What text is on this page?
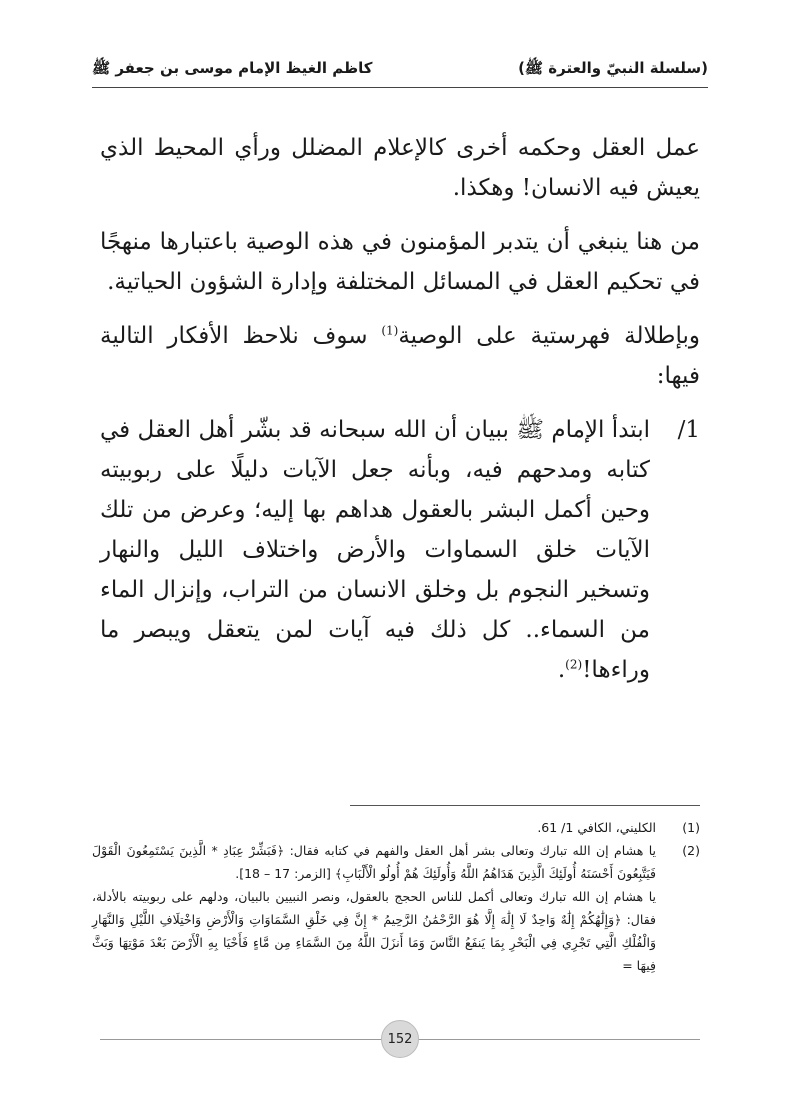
(سلسلة النبيّ والعترة ﷺ)
كاظم الغيظ الإمام موسى بن جعفر ﷺ

عمل العقل وحكمه أخرى كالإعلام المضلل ورأي المحيط الذي يعيش فيه الانسان! وهكذا.

من هنا ينبغي أن يتدبر المؤمنون في هذه الوصية باعتبارها منهجًا في تحكيم العقل في المسائل المختلفة وإدارة الشؤون الحياتية.

وبإطلالة فهرستية على الوصية$^{(1)}$ سوف نلاحظ الأفكار التالية فيها:

1/
ابتدأ الإمام ﷺ ببيان أن الله سبحانه قد بشّر أهل العقل في كتابه ومدحهم فيه، وبأنه جعل الآيات دليلًا على ربوبيته وحين أكمل البشر بالعقول هداهم بها إليه؛ وعرض من تلك الآيات خلق السماوات والأرض واختلاف الليل والنهار وتسخير النجوم بل وخلق الانسان من التراب، وإنزال الماء من السماء.. كل ذلك فيه آيات لمن يتعقل ويبصر ما وراءها!$^{(2)}$.
(1)
الكليني، الكافي 1/ 61.
(2)
يا هشام إن الله تبارك وتعالى بشر أهل العقل والفهم في كتابه فقال: ﴿فَبَشِّرْ عِبَادِ * الَّذِينَ يَسْتَمِعُونَ الْقَوْلَ فَيَتَّبِعُونَ أَحْسَنَهُ أُولَئِكَ الَّذِينَ هَدَاهُمُ اللَّهُ وَأُولَئِكَ هُمْ أُولُو الْأَلْبَابِ﴾ [الزمر: 17 – 18].
يا هشام إن الله تبارك وتعالى أكمل للناس الحجج بالعقول، ونصر النبيين بالبيان، ودلهم على ربوبيته بالأدلة، فقال: ﴿وَإِلَٰهُكُمْ إِلَٰهٌ وَاحِدٌ لَا إِلَٰهَ إِلَّا هُوَ الرَّحْمَٰنُ الرَّحِيمُ * إِنَّ فِي خَلْقِ السَّمَاوَاتِ وَالْأَرْضِ وَاخْتِلَافِ اللَّيْلِ وَالنَّهَارِ وَالْفُلْكِ الَّتِي تَجْرِي فِي الْبَحْرِ بِمَا يَنفَعُ النَّاسَ وَمَا أَنزَلَ اللَّهُ مِنَ السَّمَاءِ مِن مَّاءٍ فَأَحْيَا بِهِ الْأَرْضَ بَعْدَ مَوْتِهَا وَبَثَّ فِيهَا =
152
